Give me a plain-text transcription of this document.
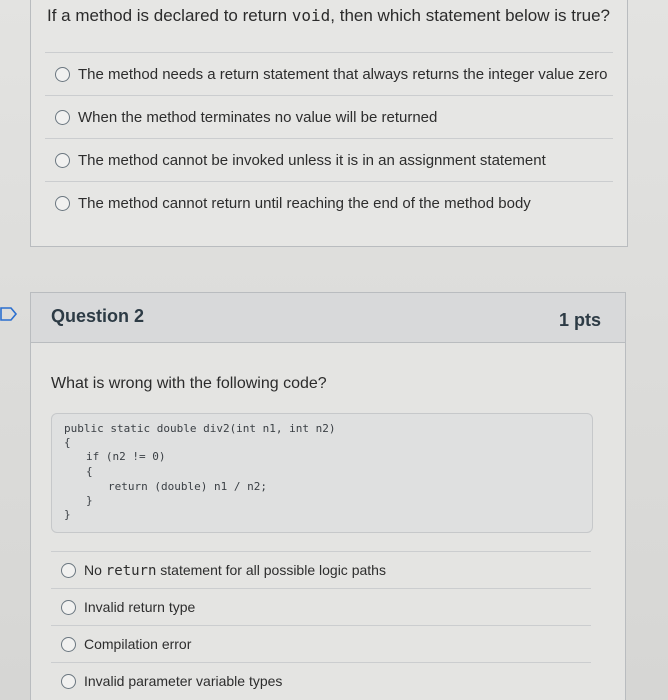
If a method is declared to return void, then which statement below is true?
The method needs a return statement that always returns the integer value zero
When the method terminates no value will be returned
The method cannot be invoked unless it is in an assignment statement
The method cannot return until reaching the end of the method body
Question 2	1 pts
What is wrong with the following code?
public static double div2(int n1, int n2)
{
if (n2 != 0)
{
return (double) n1 / n2;
}
}
No return statement for all possible logic paths
Invalid return type
Compilation error
Invalid parameter variable types
